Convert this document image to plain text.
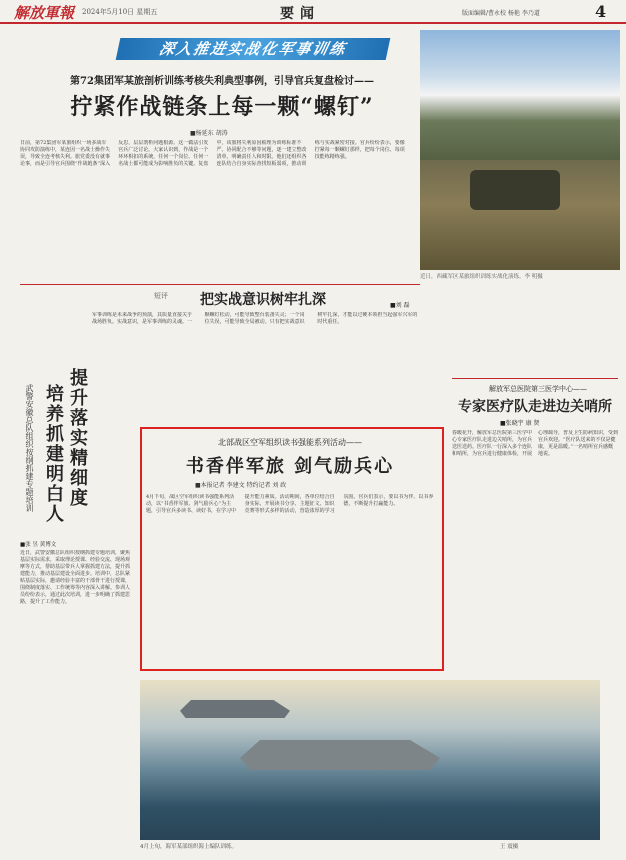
解放軍報 2024年5月10日 星期五	要闻	版面编辑/曹永校 杨艳 李乃道	4
深入推进实战化军事训练
第72集团军某旅剖析训练考核失利典型事例，引导官兵复盘检讨——
拧紧作战链条上每一颗“螺钉”
■杨延东 胡涛
日前，第72集团军某旅组织一场多战车协同攻防演练中，某连因一名战士操作失误，导致全连考核失利。旅党委没有就事论事，而是引导官兵围绕“作战链条”深入反思，层层剖析问题根源。这一做法引发官兵广泛讨论。大家认识到，作战是一个环环相扣的系统，任何一个岗位、任何一名战士都可能成为影响胜负的关键。复盘中，该旅将失利原因梳理为训练标准不严、协同配合不够等问题，逐一建立整改清单，明确责任人和时限。他们还组织各连队结合自身实际查找短板弱项，推动训练与实战紧密对接。官兵纷纷表示，要像拧紧每一颗螺钉那样，把每个岗位、每项技能练精练强。
近日，西藏军区某旅组织训练实战化演练。李 明摄
短评 把实战意识树牢扎深	■刘 磊
军事训练是未来战争的预演，其质量直接关乎战场胜负。实战意识，是军事训练的灵魂。一颗螺钉松动，可能导致整台装备失灵；一个岗位失误，可能导致全局被动。只有把实战意识树牢扎深，才能以过硬本领担当起强军兴军的时代重任。
提升落实精细度
培养抓建明白人
武警安徽总队组织按纲抓建专题培训
■张 昱 黄博文
近日，武警安徽总队组织按纲抓建专题培训，聚焦基层实际需求，采取理论授课、经验交流、现场观摩等方式，帮助基层带兵人掌握抓建方法，提升抓建能力，推动基层建设全面进步。培训中，总队紧贴基层实际，邀请经验丰富的干部骨干进行授课，围绕制度落实、工作统筹等内容深入讲解。参训人员纷纷表示，通过此次培训，进一步明确了抓建思路，提升了工作能力。
北部战区空军组织读书强能系列活动——
书香伴军旅 剑气励兵心
■本报记者 李建文 特约记者 刘 政
4月下旬，战区空军组织读书强能系列活动，以“书香伴军旅、剑气励兵心”为主题，引导官兵多读书、读好书，在学习中提升能力素质。活动期间，各单位结合自身实际，开展读书分享、主题征文、知识竞赛等形式多样的活动，营造浓厚的学习氛围。官兵们表示，要以书为伴、以书养德，不断提升打赢能力。
4月上旬，海军某部组织海上编队训练。	王 震摄
解放军总医院第三医学中心——
专家医疗队走进边关哨所
■张晓宇 康 贤
春暖花开，解放军总医院第三医学中心专家医疗队走进边关哨所，为官兵送医送药。医疗队一行深入多个连队和哨所，为官兵进行健康体检，开展心理疏导，普及卫生防病知识，受到官兵欢迎。“医疗队送来的不仅是健康，更是温暖。”一名哨所官兵感慨地说。
